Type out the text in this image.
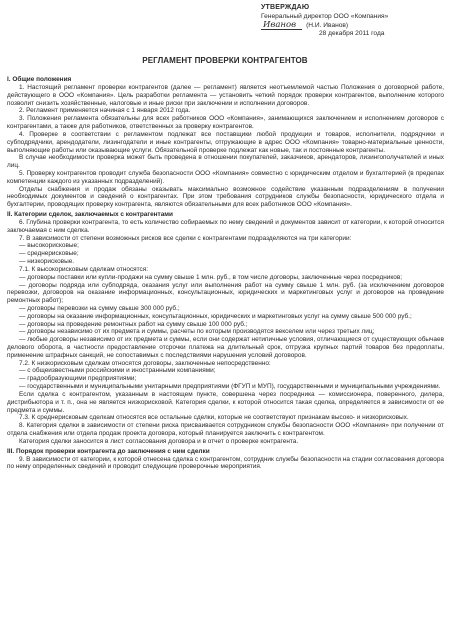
УТВЕРЖДАЮ
Генеральный директор ООО «Компания»
Иванов	(Н.И. Иванов)
28 декабря 2011 года
РЕГЛАМЕНТ ПРОВЕРКИ КОНТРАГЕНТОВ

I. Общие положения

1. Настоящий регламент проверки контрагентов (далее — регламент) является неотъемлемой частью Положения о договорной работе, действующего в ООО «Компания». Цель разработки регламента — установить четкий порядок проверки контрагентов, выполнение которого позволит снизить хозяйственные, налоговые и иные риски при заключении и исполнении договоров.

2. Регламент применяется начиная с 1 января 2012 года.

3. Положения регламента обязательны для всех работников ООО «Компания», занимающихся заключением и исполнением договоров с контрагентами, а также для работников, ответственных за проверку контрагентов.

4. Проверке в соответствии с регламентом подлежат все поставщики любой продукции и товаров, исполнители, подрядчики и субподрядчики, арендодатели, лизингодатели и иные контрагенты, отгружающие в адрес ООО «Компания» товарно-материальные ценности, выполняющие работы или оказывающие услуги. Обязательной проверке подлежат как новые, так и постоянные контрагенты.

В случае необходимости проверка может быть проведена в отношении покупателей, заказчиков, арендаторов, лизингополучателей и иных лиц.

5. Проверку контрагентов проводит служба безопасности ООО «Компания» совместно с юридическим отделом и бухгалтерией (в пределах компетенции каждого из указанных подразделений).

Отделы снабжения и продаж обязаны оказывать максимально возможное содействие указанным подразделениям в получении необходимых документов и сведений о контрагентах. При этом требования сотрудников службы безопасности, юридического отдела и бухгалтерии, проводящих проверку контрагента, являются обязательными для всех работников ООО «Компания».

II. Категории сделок, заключаемых с контрагентами

6. Глубина проверки контрагента, то есть количество собираемых по нему сведений и документов зависит от категории, к которой относится заключаемая с ним сделка.

7. В зависимости от степени возможных рисков все сделки с контрагентами подразделяются на три категории:

— высокорисковые;

— среднерисковые;

— низкорисковые.

7.1. К высокорисковым сделкам относятся:

— договоры поставки или купли-продажи на сумму свыше 1 млн. руб., в том числе договоры, заключенные через посредников;

— договоры подряда или субподряда, оказания услуг или выполнения работ на сумму свыше 1 млн. руб. (за исключением договоров перевозки, договоров на оказание информационных, консультационных, юридических и маркетинговых услуг и договоров на проведение ремонтных работ);

— договоры перевозки на сумму свыше 300 000 руб.;

— договоры на оказание информационных, консультационных, юридических и маркетинговых услуг на сумму свыше 500 000 руб.;

— договоры на проведение ремонтных работ на сумму свыше 100 000 руб.;

— договоры независимо от их предмета и суммы, расчеты по которым производятся векселем или через третьих лиц;

— любые договоры независимо от их предмета и суммы, если они содержат нетипичные условия, отличающиеся от существующих обычаев делового оборота, в частности предоставление отсрочки платежа на длительный срок, отгрузка крупных партий товаров без предоплаты, применение штрафных санкций, не сопоставимых с последствиями нарушения условий договоров.

7.2. К низкорисковым сделкам относятся договоры, заключенные непосредственно:

— с общеизвестными российскими и иностранными компаниями;

— градообразующими предприятиями;

— государственными и муниципальными унитарными предприятиями (ФГУП и МУП), государственными и муниципальными учреждениями.

Если сделка с контрагентом, указанным в настоящем пункте, совершена через посредника — комиссионера, поверенного, дилера, дистрибьютора и т. п., она не является низкорисковой. Категория сделки, к которой относится такая сделка, определяется в зависимости от ее предмета и суммы.

7.3. К среднерисковым сделкам относятся все остальные сделки, которые не соответствуют признакам высоко- и низкорисковых.

8. Категория сделки в зависимости от степени риска присваивается сотрудником службы безопасности ООО «Компания» при получении от отдела снабжения или отдела продаж проекта договора, который планируется заключить с контрагентом.

Категория сделки заносится в лист согласования договора и в отчет о проверке контрагента.

III. Порядок проверки контрагента до заключения с ним сделки

9. В зависимости от категории, к которой отнесена сделка с контрагентом, сотрудник службы безопасности на стадии согласования договора по нему определенных сведений и проводит следующие проверочные мероприятия.
